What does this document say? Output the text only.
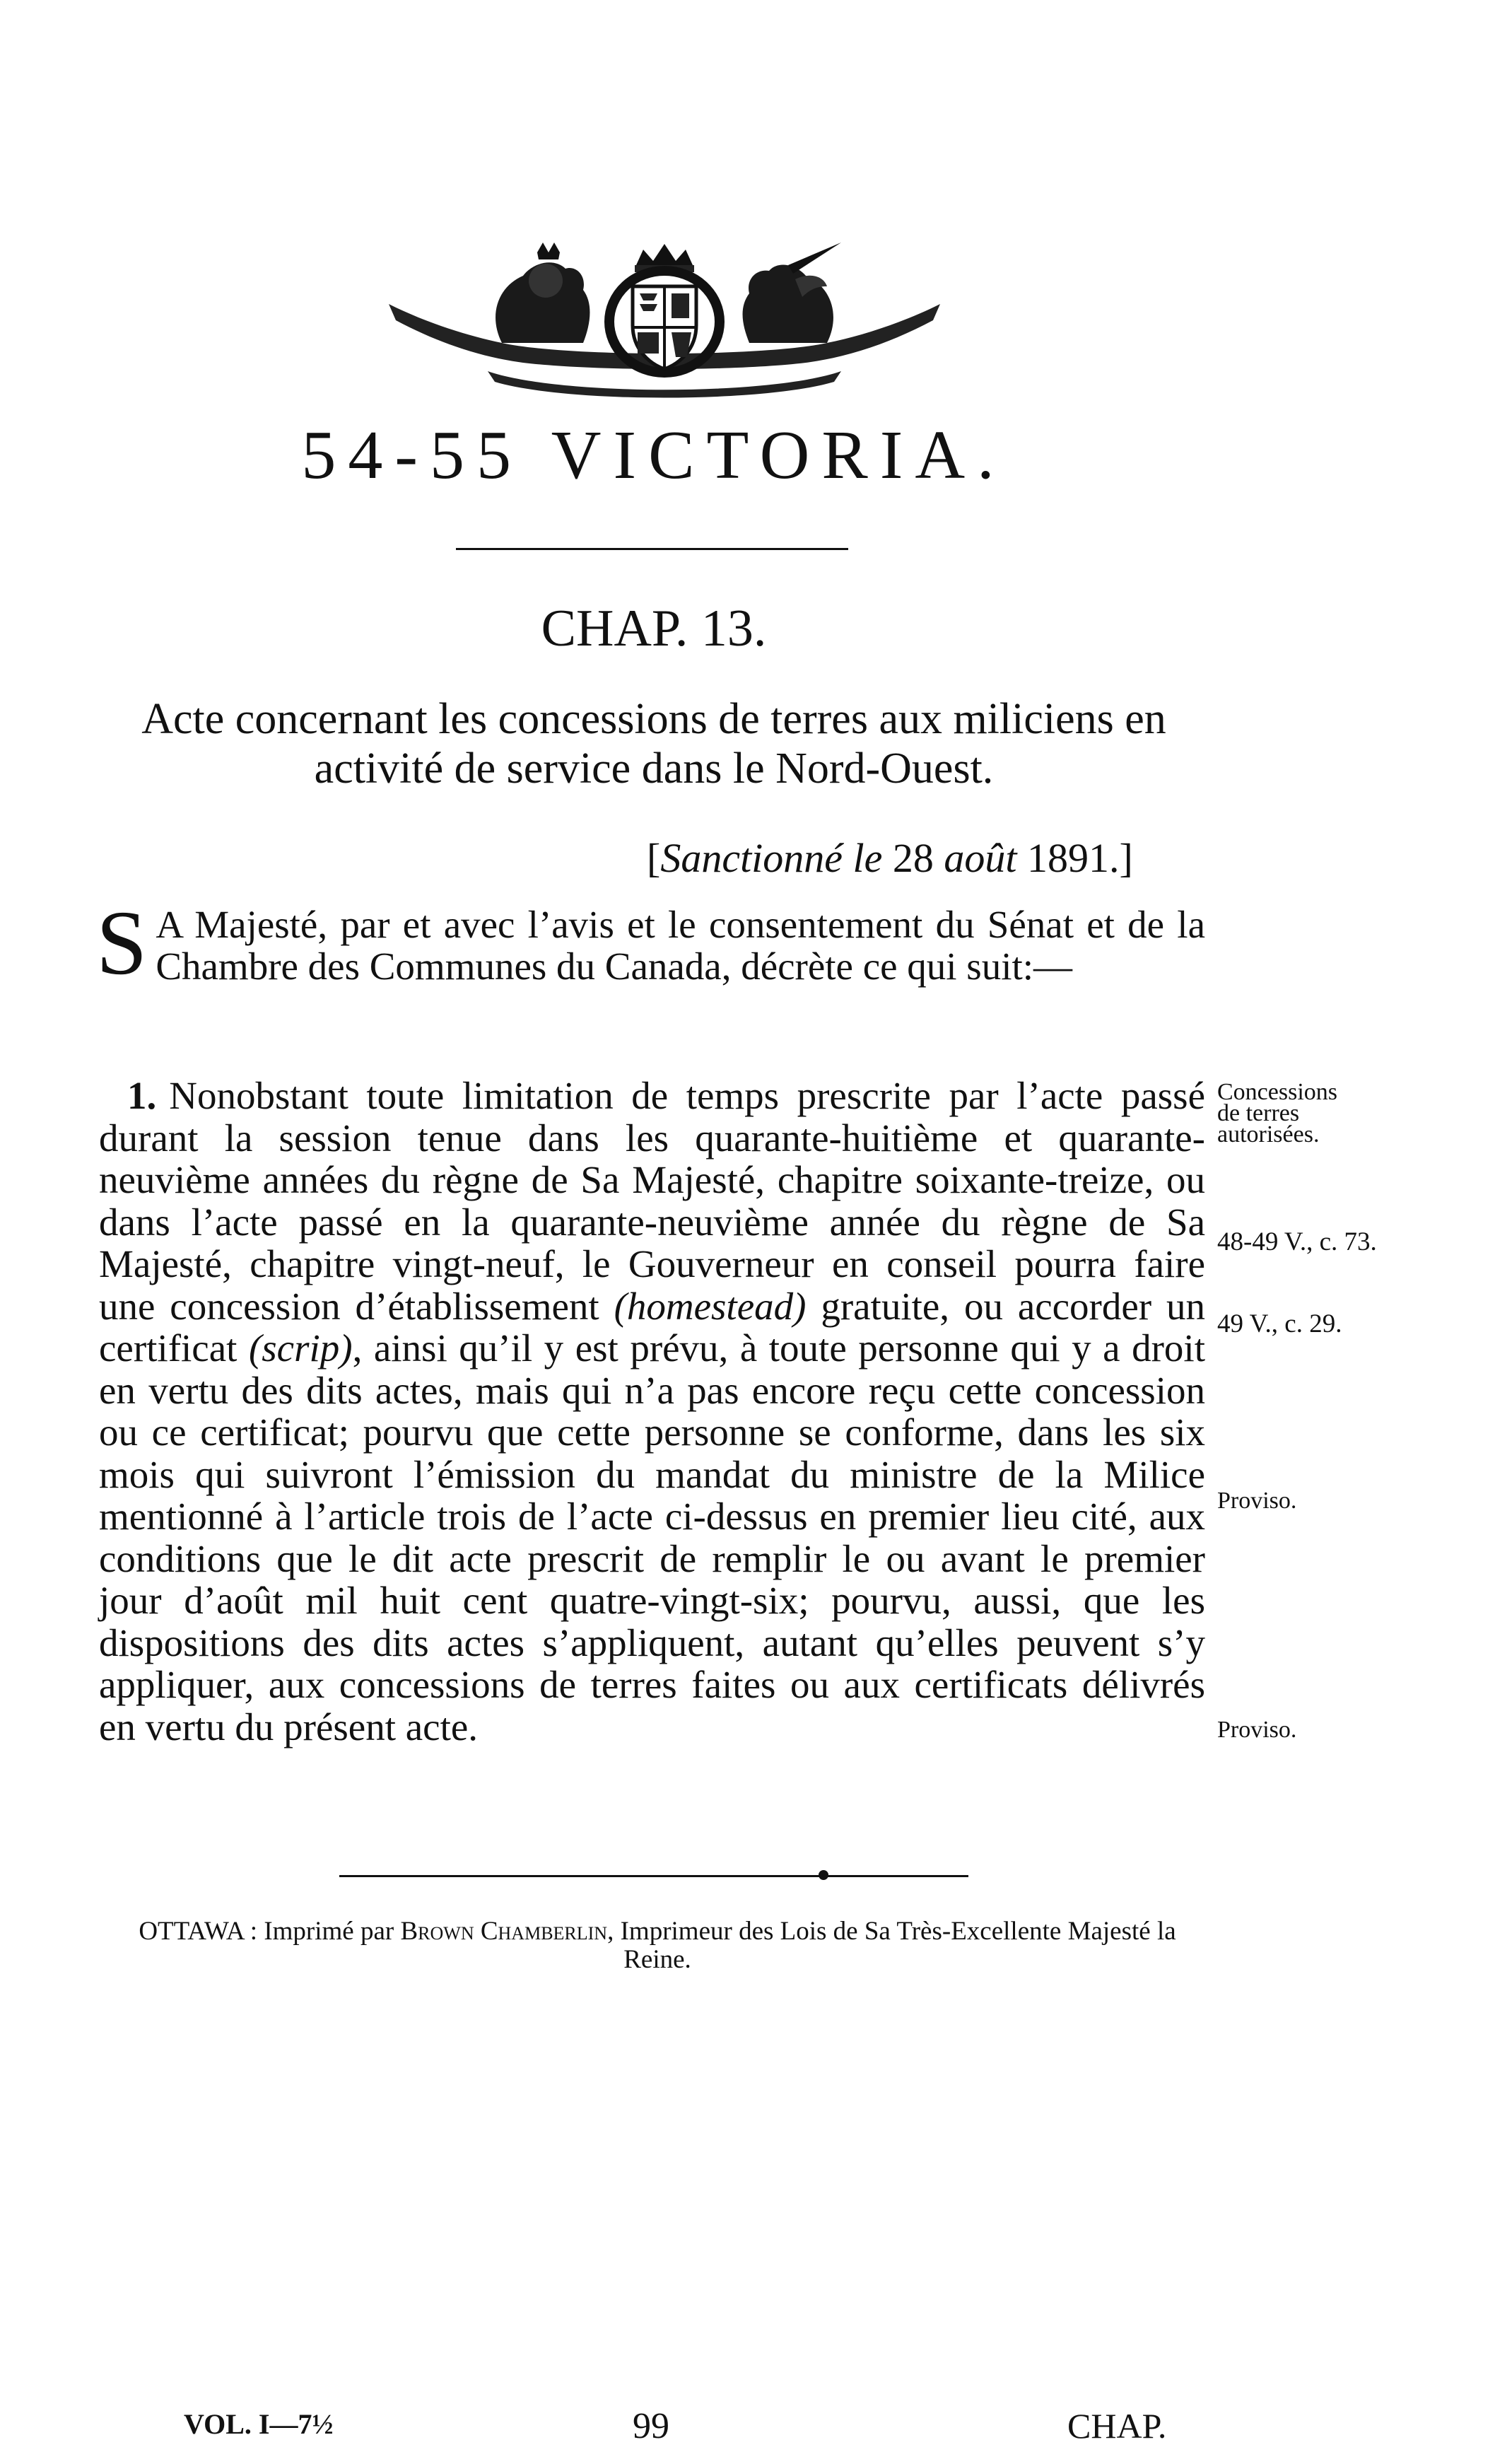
DIEU ET MON DROIT
54-55 VICTORIA.
CHAP. 13.
Acte concernant les concessions de terres aux miliciens en activité de service dans le Nord-Ouest.
[Sanctionné le 28 août 1891.]
S A Majesté, par et avec l’avis et le consentement du Sénat et de la Chambre des Communes du Canada, décrète ce qui suit:—
1. Nonobstant toute limitation de temps prescrite par l’acte passé durant la session tenue dans les quarante-huitième et quarante-neuvième années du règne de Sa Majesté, chapitre soixante-treize, ou dans l’acte passé en la quarante-neuvième année du règne de Sa Majesté, chapitre vingt-neuf, le Gouverneur en conseil pourra faire une concession d’établissement (homestead) gratuite, ou accorder un certificat (scrip), ainsi qu’il y est prévu, à toute personne qui y a droit en vertu des dits actes, mais qui n’a pas encore reçu cette concession ou ce certificat; pourvu que cette personne se conforme, dans les six mois qui suivront l’émission du mandat du ministre de la Milice mentionné à l’article trois de l’acte ci-dessus en premier lieu cité, aux conditions que le dit acte prescrit de remplir le ou avant le premier jour d’août mil huit cent quatre-vingt-six; pourvu, aussi, que les dispositions des dits actes s’appliquent, autant qu’elles peuvent s’y appliquer, aux concessions de terres faites ou aux certificats délivrés en vertu du présent acte.
Concessions de terres autorisées.
48-49 V., c. 73.
49 V., c. 29.
Proviso.
Proviso.
OTTAWA : Imprimé par Brown Chamberlin, Imprimeur des Lois de Sa Très-Excellente Majesté la Reine.
VOL. I—7½	99	CHAP.
